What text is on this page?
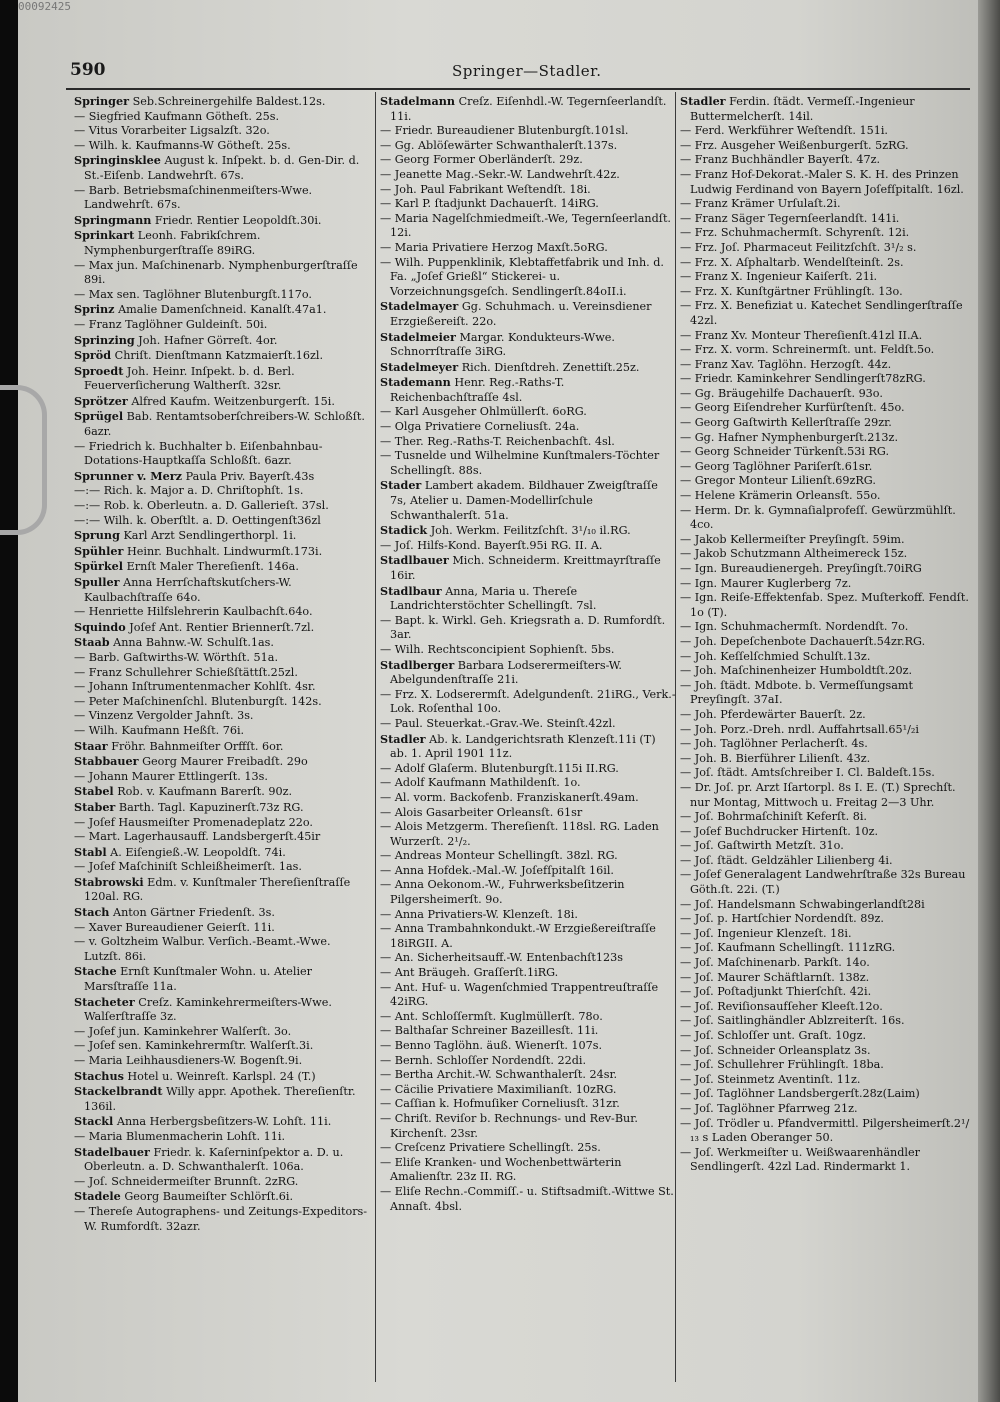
00092425
590	Springer—Stadler.

Springer Seb.Schreinergehilfe Baldest.12s.

— Siegfried Kaufmann Götheſt. 25s.

— Vitus Vorarbeiter Ligsalzſt. 32o.

— Wilh. k. Kaufmanns-W Götheſt. 25s.

Springinsklee August k. Inſpekt. b. d. Gen-Dir. d. St.-Eiſenb. Landwehrſt. 67s.

— Barb. Betriebsmaſchinenmeiſters-Wwe. Landwehrſt. 67s.

Springmann Friedr. Rentier Leopoldſt.30i.

Sprinkart Leonh. Fabrikſchrem. Nymphenburgerſtraſſe 89iRG.

— Max jun. Maſchinenarb. Nymphenburgerſtraſſe 89i.

— Max sen. Taglöhner Blutenburgſt.117o.

Sprinz Amalie Damenſchneid. Kanalſt.47a1.

— Franz Taglöhner Guldeinſt. 50i.

Sprinzing Joh. Hafner Görreſt. 4or.

Spröd Chriſt. Dienſtmann Katzmaierſt.16zl.

Sproedt Joh. Heinr. Inſpekt. b. d. Berl. Feuerverſicherung Waltherſt. 32sr.

Sprötzer Alfred Kaufm. Weitzenburgerſt. 15i.

Sprügel Bab. Rentamtsoberſchreibers-W. Schloßſt. 6azr.

— Friedrich k. Buchhalter b. Eiſenbahnbau-Dotations-Hauptkaſſa Schloßſt. 6azr.

Sprunner v. Merz Paula Priv. Bayerſt.43s

—:— Rich. k. Major a. D. Chriſtophſt. 1s.

—:— Rob. k. Oberleutn. a. D. Gallerieſt. 37sl.

—:— Wilh. k. Oberſtlt. a. D. Oettingenſt36zl

Sprung Karl Arzt Sendlingerthorpl. 1i.

Spühler Heinr. Buchhalt. Lindwurmſt.173i.

Spürkel Ernſt Maler Thereſienſt. 146a.

Spuller Anna Herrſchaftskutſchers-W. Kaulbachſtraſſe 64o.

— Henriette Hilfslehrerin Kaulbachſt.64o.

Squindo Joſef Ant. Rentier Briennerſt.7zl.

Staab Anna Bahnw.-W. Schulſt.1as.

— Barb. Gaſtwirths-W. Wörthſt. 51a.

— Franz Schullehrer Schießſtättſt.25zl.

— Johann Inſtrumentenmacher Kohlſt. 4sr.

— Peter Maſchinenſchl. Blutenburgſt. 142s.

— Vinzenz Vergolder Jahnſt. 3s.

— Wilh. Kaufmann Heßſt. 76i.

Staar Fröhr. Bahnmeiſter Orffſt. 6or.

Stabbauer Georg Maurer Freibadſt. 29o

— Johann Maurer Ettlingerſt. 13s.

Stabel Rob. v. Kaufmann Barerſt. 90z.

Staber Barth. Tagl. Kapuzinerſt.73z RG.

— Joſef Hausmeiſter Promenadeplatz 22o.

— Mart. Lagerhausauff. Landsbergerſt.45ir

Stabl A. Eiſengieß.-W. Leopoldſt. 74i.

— Joſef Maſchiniſt Schleißheimerſt. 1as.

Stabrowski Edm. v. Kunſtmaler Thereſienſtraſſe 120al. RG.

Stach Anton Gärtner Friedenſt. 3s.

— Xaver Bureaudiener Geierſt. 11i.

— v. Goltzheim Walbur. Verſich.-Beamt.-Wwe. Lutzſt. 86i.

Stache Ernſt Kunſtmaler Wohn. u. Atelier Marsſtraſſe 11a.

Stacheter Creſz. Kaminkehrermeiſters-Wwe. Walſerſtraſſe 3z.

— Joſef jun. Kaminkehrer Walſerſt. 3o.

— Joſef sen. Kaminkehrermſtr. Walſerſt.3i.

— Maria Leihhausdieners-W. Bogenſt.9i.

Stachus Hotel u. Weinreſt. Karlspl. 24 (T.)

Stackelbrandt Willy appr. Apothek. Thereſienſtr. 136il.

Stackl Anna Herbergsbeſitzers-W. Lohſt. 11i.

— Maria Blumenmacherin Lohſt. 11i.

Stadelbauer Friedr. k. Kaſerninſpektor a. D. u. Oberleutn. a. D. Schwanthalerſt. 106a.

— Joſ. Schneidermeiſter Brunnſt. 2zRG.

Stadele Georg Baumeiſter Schlörſt.6i.

— Thereſe Autographens- und Zeitungs-Expeditors-W. Rumfordſt. 32azr.

Stadelmann Creſz. Eiſenhdl.-W. Tegernſeerlandſt. 11i.

— Friedr. Bureaudiener Blutenburgſt.101sl.

— Gg. Ablöſewärter Schwanthalerſt.137s.

— Georg Former Oberländerſt. 29z.

— Jeanette Mag.-Sekr.-W. Landwehrſt.42z.

— Joh. Paul Fabrikant Weſtendſt. 18i.

— Karl P. ſtadjunkt Dachauerſt. 14iRG.

— Maria Nagelſchmiedmeiſt.-We, Tegernſeerlandſt. 12i.

— Maria Privatiere Herzog Maxſt.5oRG.

— Wilh. Puppenklinik, Klebtaffetfabrik und Inh. d. Fa. „Joſef Grießl“ Stickerei- u. Vorzeichnungsgeſch. Sendlingerſt.84oII.i.

Stadelmayer Gg. Schuhmach. u. Vereinsdiener Erzgießereiſt. 22o.

Stadelmeier Margar. Kondukteurs-Wwe. Schnorrſtraſſe 3iRG.

Stadelmeyer Rich. Dienſtdreh. Zenettiſt.25z.

Stademann Henr. Reg.-Raths-T. Reichenbachſtraſſe 4sl.

— Karl Ausgeher Ohlmüllerſt. 6oRG.

— Olga Privatiere Corneliusſt. 24a.

— Ther. Reg.-Raths-T. Reichenbachſt. 4sl.

— Tusnelde und Wilhelmine Kunſtmalers-Töchter Schellingſt. 88s.

Stader Lambert akadem. Bildhauer Zweigſtraſſe 7s, Atelier u. Damen-Modellirſchule Schwanthalerſt. 51a.

Stadick Joh. Werkm. Feilitzſchſt. 3¹/₁₀ il.RG.

— Joſ. Hilfs-Kond. Bayerſt.95i RG. II. A.

Stadlbauer Mich. Schneiderm. Kreittmayrſtraſſe 16ir.

Stadlbaur Anna, Maria u. Thereſe Landrichterstöchter Schellingſt. 7sl.

— Bapt. k. Wirkl. Geh. Kriegsrath a. D. Rumfordſt. 3ar.

— Wilh. Rechtsconcipient Sophienſt. 5bs.

Stadlberger Barbara Lodserermeiſters-W. Abelgundenſtraſſe 21i.

— Frz. X. Lodserermſt. Adelgundenſt. 21iRG., Verk.-Lok. Roſenthal 10o.

— Paul. Steuerkat.-Grav.-We. Steinſt.42zl.

Stadler Ab. k. Landgerichtsrath Klenzeſt.11i (T) ab. 1. April 1901 11z.

— Adolf Glaſerm. Blutenburgſt.115i II.RG.

— Adolf Kaufmann Mathildenſt. 1o.

— Al. vorm. Backofenb. Franziskanerſt.49am.

— Alois Gasarbeiter Orleansſt. 61sr

— Alois Metzgerm. Thereſienſt. 118sl. RG. Laden Wurzerſt. 2¹/₂.

— Andreas Monteur Schellingſt. 38zl. RG.

— Anna Hofdek.-Mal.-W. Joſefſpitalſt 16il.

— Anna Oekonom.-W., Fuhrwerksbeſitzerin Pilgersheimerſt. 9o.

— Anna Privatiers-W. Klenzeſt. 18i.

— Anna Trambahnkondukt.-W Erzgießereiſtraſſe 18iRGII. A.

— An. Sicherheitsauff.-W. Entenbachſt123s

— Ant Bräugeh. Graſſerſt.1iRG.

— Ant. Huf- u. Wagenſchmied Trappentreuſtraſſe 42iRG.

— Ant. Schloſſermſt. Kuglmüllerſt. 78o.

— Balthaſar Schreiner Bazeillesſt. 11i.

— Benno Taglöhn. äuß. Wienerſt. 107s.

— Bernh. Schloſſer Nordendſt. 22di.

— Bertha Archit.-W. Schwanthalerſt. 24sr.

— Cäcilie Privatiere Maximilianſt. 10zRG.

— Caſſian k. Hofmuſiker Corneliusſt. 31zr.

— Chriſt. Reviſor b. Rechnungs- und Rev-Bur. Kirchenſt. 23sr.

— Creſcenz Privatiere Schellingſt. 25s.

— Eliſe Kranken- und Wochenbettwärterin Amalienſtr. 23z II. RG.

— Eliſe Rechn.-Commiſſ.- u. Stiftsadmiſt.-Wittwe St. Annaſt. 4bsl.

Stadler Ferdin. ſtädt. Vermeſſ.-Ingenieur Buttermelcherſt. 14il.

— Ferd. Werkführer Weſtendſt. 151i.

— Frz. Ausgeher Weißenburgerſt. 5zRG.

— Franz Buchhändler Bayerſt. 47z.

— Franz Hof-Dekorat.-Maler S. K. H. des Prinzen Ludwig Ferdinand von Bayern Joſefſpitalſt. 16zl.

— Franz Krämer Urſulaſt.2i.

— Franz Säger Tegernſeerlandſt. 141i.

— Frz. Schuhmachermſt. Schyrenſt. 12i.

— Frz. Joſ. Pharmaceut Feilitzſchſt. 3¹/₂ s.

— Frz. X. Aſphaltarb. Wendelſteinſt. 2s.

— Franz X. Ingenieur Kaiſerſt. 21i.

— Frz. X. Kunſtgärtner Frühlingſt. 13o.

— Frz. X. Benefiziat u. Katechet Sendlingerſtraſſe 42zl.

— Franz Xv. Monteur Thereſienſt.41zl II.A.

— Frz. X. vorm. Schreinermſt. unt. Feldſt.5o.

— Franz Xav. Taglöhn. Herzogſt. 44z.

— Friedr. Kaminkehrer Sendlingerſt78zRG.

— Gg. Bräugehilfe Dachauerſt. 93o.

— Georg Eiſendreher Kurfürſtenſt. 45o.

— Georg Gaſtwirth Kellerſtraſſe 29zr.

— Gg. Hafner Nymphenburgerſt.213z.

— Georg Schneider Türkenſt.53i RG.

— Georg Taglöhner Pariſerſt.61sr.

— Gregor Monteur Lilienſt.69zRG.

— Helene Krämerin Orleansſt. 55o.

— Herm. Dr. k. Gymnaſialprofeſſ. Gewürzmühlſt. 4co.

— Jakob Kellermeiſter Preyſingſt. 59im.

— Jakob Schutzmann Altheimereck 15z.

— Ign. Bureaudienergeh. Preyſingſt.70iRG

— Ign. Maurer Kuglerberg 7z.

— Ign. Reiſe-Effektenfab. Spez. Muſterkoff. Fendſt. 1o (T).

— Ign. Schuhmachermſt. Nordendſt. 7o.

— Joh. Depeſchenbote Dachauerſt.54zr.RG.

— Joh. Keſſelſchmied Schulſt.13z.

— Joh. Maſchinenheizer Humboldtſt.20z.

— Joh. ſtädt. Mdbote. b. Vermeſſungsamt Preyſingſt. 37aI.

— Joh. Pferdewärter Bauerſt. 2z.

— Joh. Porz.-Dreh. nrdl. Auffahrtsall.65¹/₂i

— Joh. Taglöhner Perlacherſt. 4s.

— Joh. B. Bierführer Lilienſt. 43z.

— Joſ. ſtädt. Amtsſchreiber I. Cl. Baldeſt.15s.

— Dr. Joſ. pr. Arzt Iſartorpl. 8s I. E. (T.) Sprechſt. nur Montag, Mittwoch u. Freitag 2—3 Uhr.

— Joſ. Bohrmaſchiniſt Keferſt. 8i.

— Joſef Buchdrucker Hirtenſt. 10z.

— Joſ. Gaſtwirth Metzſt. 31o.

— Joſ. ſtädt. Geldzähler Lilienberg 4i.

— Joſef Generalagent Landwehrſtraße 32s Bureau Göth.ſt. 22i. (T.)

— Joſ. Handelsmann Schwabingerlandſt28i

— Joſ. p. Hartſchier Nordendſt. 89z.

— Joſ. Ingenieur Klenzeſt. 18i.

— Joſ. Kaufmann Schellingſt. 111zRG.

— Joſ. Maſchinenarb. Parkſt. 14o.

— Joſ. Maurer Schäftlarnſt. 138z.

— Joſ. Poſtadjunkt Thierſchſt. 42i.

— Joſ. Reviſionsaufſeher Kleeſt.12o.

— Joſ. Saitlinghändler Ablzreiterſt. 16s.

— Joſ. Schloſſer unt. Graſt. 10gz.

— Joſ. Schneider Orleansplatz 3s.

— Joſ. Schullehrer Frühlingſt. 18ba.

— Joſ. Steinmetz Aventinſt. 11z.

— Joſ. Taglöhner Landsbergerſt.28z(Laim)

— Joſ. Taglöhner Pfarrweg 21z.

— Joſ. Trödler u. Pfandvermittl. Pilgersheimerſt.2¹/₁₃ s Laden Oberanger 50.

— Joſ. Werkmeiſter u. Weißwaarenhändler Sendlingerſt. 42zl Lad. Rindermarkt 1.
